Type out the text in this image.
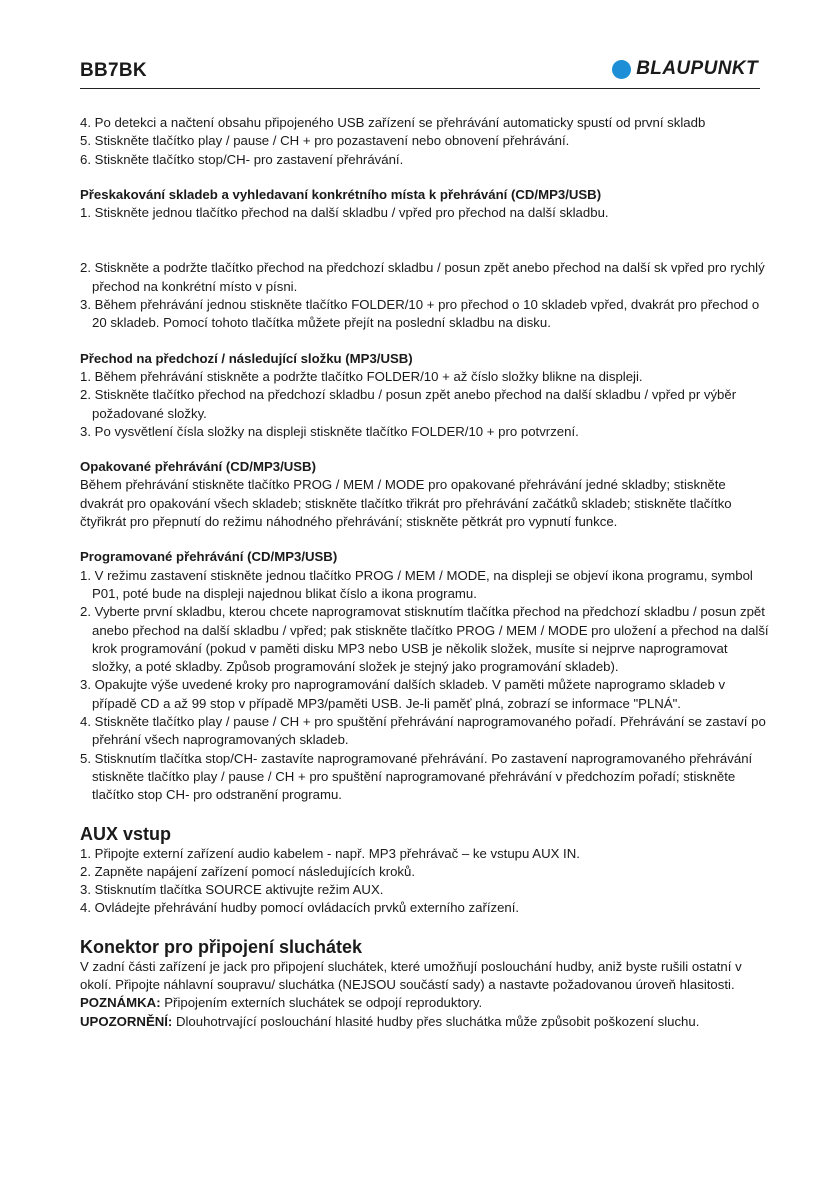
BB7BK	BLAUPUNKT

4. Po detekci a načtení obsahu připojeného USB zařízení se přehrávání automaticky spustí od první skladb

5. Stiskněte tlačítko play / pause / CH + pro pozastavení nebo obnovení přehrávání.

6. Stiskněte tlačítko stop/CH- pro zastavení přehrávání.

Přeskakování skladeb a vyhledavaní konkrétního místa k přehrávání (CD/MP3/USB)

1. Stiskněte jednou tlačítko přechod na další skladbu / vpřed pro přechod na další skladbu.

2. Stiskněte a podržte tlačítko přechod na předchozí skladbu / posun zpět anebo přechod na další sk vpřed pro rychlý přechod na konkrétní místo v písni.

3. Během přehrávání jednou stiskněte tlačítko FOLDER/10 + pro přechod o 10 skladeb vpřed, dvakrát pro přechod o 20 skladeb. Pomocí tohoto tlačítka můžete přejít na poslední skladbu na disku.

Přechod na předchozí / následující složku (MP3/USB)

1. Během přehrávání stiskněte a podržte tlačítko FOLDER/10 + až číslo složky blikne na displeji.

2. Stiskněte tlačítko přechod na předchozí skladbu / posun zpět anebo přechod na další skladbu / vpřed pr výběr požadované složky.

3. Po vysvětlení čísla složky na displeji stiskněte tlačítko FOLDER/10 + pro potvrzení.

Opakované přehrávání (CD/MP3/USB)

Během přehrávání stiskněte tlačítko PROG / MEM / MODE pro opakované přehrávání jedné skladby; stiskněte dvakrát pro opakování všech skladeb; stiskněte tlačítko třikrát pro přehrávání začátků skladeb; stiskněte tlačítko čtyřikrát pro přepnutí do režimu náhodného přehrávání; stiskněte pětkrát pro vypnutí funkce.

Programované přehrávání (CD/MP3/USB)

1. V režimu zastavení stiskněte jednou tlačítko PROG / MEM / MODE, na displeji se objeví ikona programu, symbol P01, poté bude na displeji najednou blikat číslo a ikona programu.

2. Vyberte první skladbu, kterou chcete naprogramovat stisknutím tlačítka přechod na předchozí skladbu / posun zpět anebo přechod na další skladbu / vpřed; pak stiskněte tlačítko PROG / MEM / MODE pro uložení a přechod na další krok programování (pokud v paměti disku MP3 nebo USB je několik složek, musíte si nejprve naprogramovat složky, a poté skladby. Způsob programování složek je stejný jako programování skladeb).

3. Opakujte výše uvedené kroky pro naprogramování dalších skladeb. V paměti můžete naprogramo skladeb v případě CD a až 99 stop v případě MP3/paměti USB. Je-li paměť plná, zobrazí se informace "PLNÁ".

4. Stiskněte tlačítko play / pause / CH + pro spuštění přehrávání naprogramovaného pořadí. Přehrávání se zastaví po přehrání všech naprogramovaných skladeb.

5. Stisknutím tlačítka stop/CH- zastavíte naprogramované přehrávání. Po zastavení naprogramovaného přehrávání stiskněte tlačítko play / pause / CH + pro spuštění naprogramované přehrávání v předchozím pořadí; stiskněte tlačítko stop CH- pro odstranění programu.

AUX vstup

1. Připojte externí zařízení audio kabelem - např. MP3 přehrávač – ke vstupu AUX IN.

2. Zapněte napájení zařízení pomocí následujících kroků.

3. Stisknutím tlačítka SOURCE aktivujte režim AUX.

4. Ovládejte přehrávání hudby pomocí ovládacích prvků externího zařízení.

Konektor pro připojení sluchátek

V zadní části zařízení je jack pro připojení sluchátek, které umožňují poslouchání hudby, aniž byste rušili ostatní v okolí. Připojte náhlavní soupravu/ sluchátka (NEJSOU součástí sady) a nastavte požadovanou úroveň hlasitosti.

POZNÁMKA: Připojením externích sluchátek se odpojí reproduktory.

UPOZORNĚNÍ: Dlouhotrvající poslouchání hlasité hudby přes sluchátka může způsobit poškození sluchu.
